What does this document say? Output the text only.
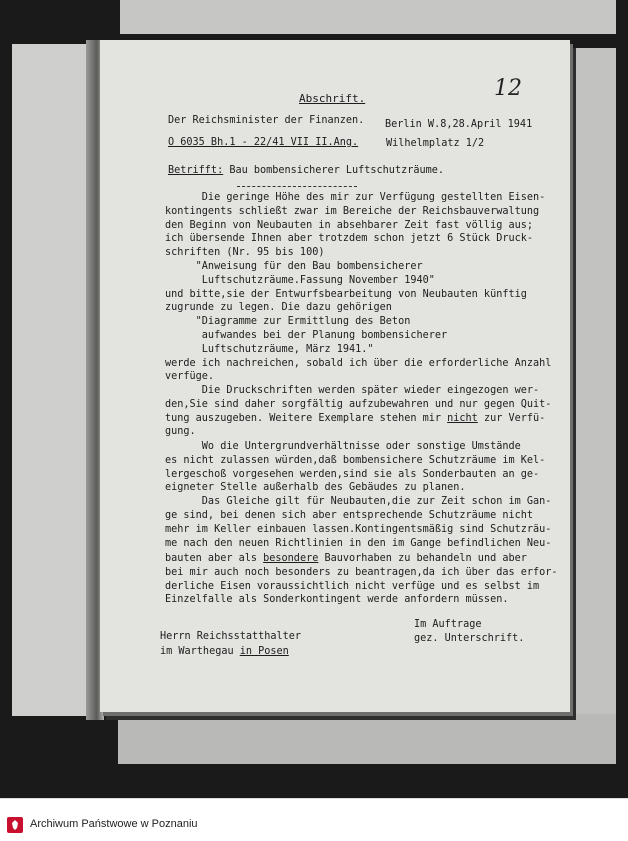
12
Abschrift.
Der Reichsminister der Finanzen. Berlin W.8,28.April 1941
O 6035 Bh.1 - 22/41 VII II.Ang.	Wilhelmplatz 1/2
Betrifft: Bau bombensicherer Luftschutzräume.
Die geringe Höhe des mir zur Verfügung gestellten Eisen-
kontingents schließt zwar im Bereiche der Reichsbauverwaltung
den Beginn von Neubauten in absehbarer Zeit fast völlig aus;
ich übersende Ihnen aber trotzdem schon jetzt 6 Stück Druck-
schriften (Nr. 95 bis 100)
"Anweisung für den Bau bombensicherer
Luftschutzräume.Fassung November 1940"
und bitte,sie der Entwurfsbearbeitung von Neubauten künftig
zugrunde zu legen. Die dazu gehörigen
"Diagramme zur Ermittlung des Beton
aufwandes bei der Planung bombensicherer
Luftschutzräume, März 1941."
werde ich nachreichen, sobald ich über die erforderliche Anzahl
verfüge.
Die Druckschriften werden später wieder eingezogen wer-
den,Sie sind daher sorgfältig aufzubewahren und nur gegen Quit-
tung auszugeben. Weitere Exemplare stehen mir nicht zur Verfü-
gung.
Wo die Untergrundverhältnisse oder sonstige Umstände
es nicht zulassen würden,daß bombensichere Schutzräume im Kel-
lergeschoß vorgesehen werden,sind sie als Sonderbauten an ge-
eigneter Stelle außerhalb des Gebäudes zu planen.
Das Gleiche gilt für Neubauten,die zur Zeit schon im Gan-
ge sind, bei denen sich aber entsprechende Schutzräume nicht
mehr im Keller einbauen lassen.Kontingentsmäßig sind Schutzräu-
me nach den neuen Richtlinien in den im Gange befindlichen Neu-
bauten aber als besondere Bauvorhaben zu behandeln und aber
bei mir auch noch besonders zu beantragen,da ich über das erfor-
derliche Eisen voraussichtlich nicht verfüge und es selbst im
Einzelfalle als Sonderkontingent werde anfordern müssen.
Im Auftrage
gez. Unterschrift.
Herrn Reichsstatthalter
im Warthegau in Posen
Archiwum Państwowe w Poznaniu
